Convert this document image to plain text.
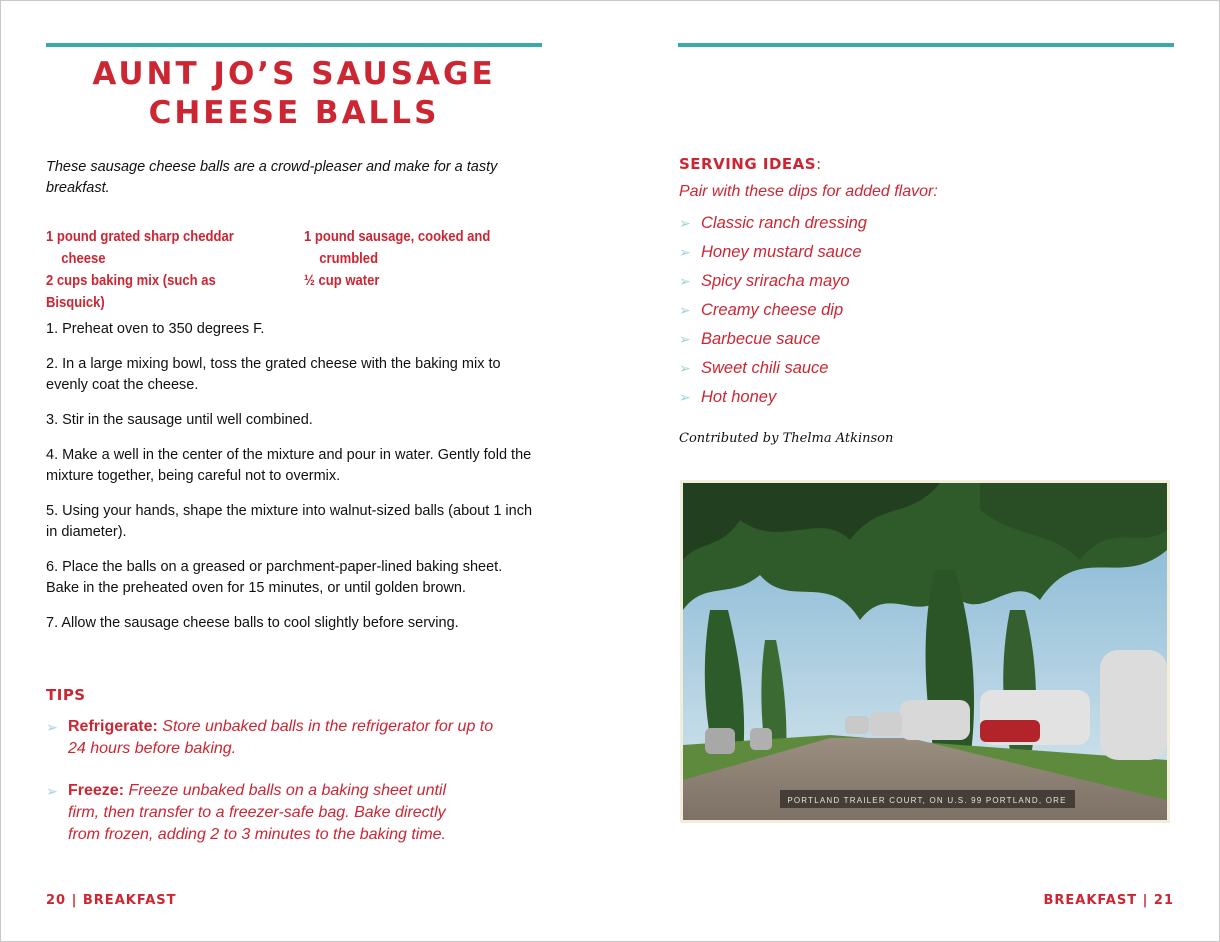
AUNT JO’S SAUSAGE
CHEESE BALLS
These sausage cheese balls are a crowd-pleaser and make for a tasty breakfast.
1 pound grated sharp cheddar
cheese
2 cups baking mix (such as Bisquick)
1 pound sausage, cooked and
crumbled
½ cup water

1. Preheat oven to 350 degrees F.

2. In a large mixing bowl, toss the grated cheese with the baking mix to evenly coat the cheese.

3. Stir in the sausage until well combined.

4. Make a well in the center of the mixture and pour in water. Gently fold the mixture together, being careful not to overmix.

5. Using your hands, shape the mixture into walnut-sized balls (about 1 inch in diameter).

6. Place the balls on a greased or parchment-paper-lined baking sheet. Bake in the preheated oven for 15 minutes, or until golden brown.

7. Allow the sausage cheese balls to cool slightly before serving.

TIPS
➢ Refrigerate: Store unbaked balls in the refrigerator for up to 24 hours before baking.
➢ Freeze: Freeze unbaked balls on a baking sheet until firm, then transfer to a freezer-safe bag. Bake directly from frozen, adding 2 to 3 minutes to the baking time.
20 | BREAKFAST
SERVING IDEAS:
Pair with these dips for added flavor:
➢ Classic ranch dressing
➢ Honey mustard sauce
➢ Spicy sriracha mayo
➢ Creamy cheese dip
➢ Barbecue sauce
➢ Sweet chili sauce
➢ Hot honey
Contributed by Thelma Atkinson
PORTLAND TRAILER COURT, ON U.S. 99 PORTLAND, ORE
BREAKFAST | 21
